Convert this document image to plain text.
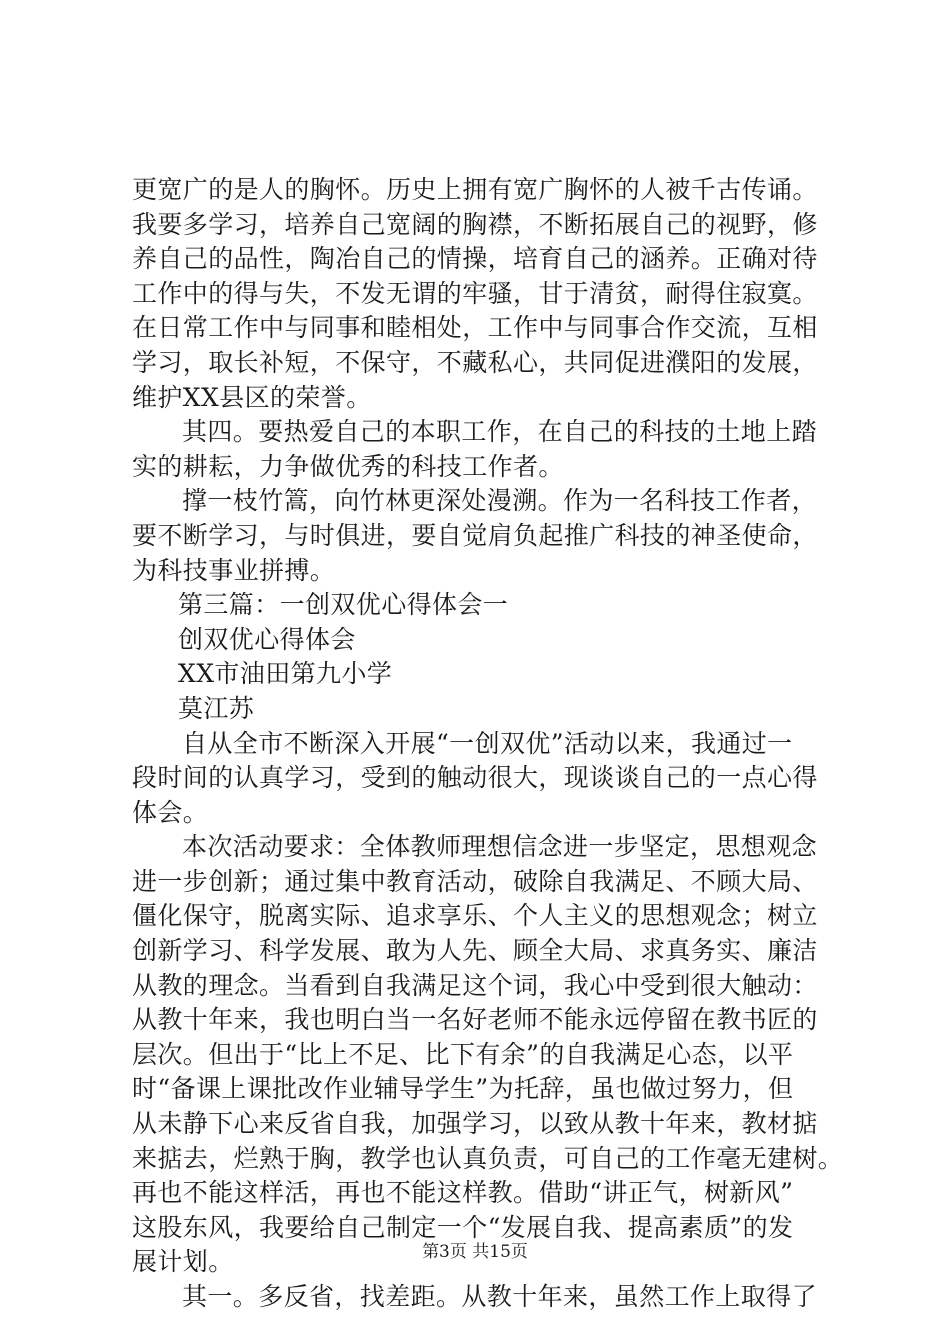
更宽广的是人的胸怀。历史上拥有宽广胸怀的人被千古传诵。
我要多学习，培养自己宽阔的胸襟，不断拓展自己的视野，修
养自己的品性，陶冶自己的情操，培育自己的涵养。正确对待
工作中的得与失，不发无谓的牢骚，甘于清贫，耐得住寂寞。
在日常工作中与同事和睦相处，工作中与同事合作交流，互相
学习，取长补短，不保守，不藏私心，共同促进濮阳的发展，
维护XX县区的荣誉。
其四。要热爱自己的本职工作，在自己的科技的土地上踏
实的耕耘，力争做优秀的科技工作者。
撑一枝竹篙，向竹林更深处漫溯。作为一名科技工作者，
要不断学习，与时俱进，要自觉肩负起推广科技的神圣使命，
为科技事业拼搏。
第三篇：一创双优心得体会一
创双优心得体会
XX市油田第九小学
莫江苏
自从全市不断深入开展“一创双优”活动以来，我通过一
段时间的认真学习，受到的触动很大，现谈谈自己的一点心得
体会。
本次活动要求：全体教师理想信念进一步坚定，思想观念
进一步创新；通过集中教育活动，破除自我满足、不顾大局、
僵化保守，脱离实际、追求享乐、个人主义的思想观念；树立
创新学习、科学发展、敢为人先、顾全大局、求真务实、廉洁
从教的理念。当看到自我满足这个词，我心中受到很大触动：
从教十年来，我也明白当一名好老师不能永远停留在教书匠的
层次。但出于“比上不足、比下有余”的自我满足心态，以平
时“备课上课批改作业辅导学生”为托辞，虽也做过努力，但
从未静下心来反省自我，加强学习，以致从教十年来，教材掂
来掂去，烂熟于胸，教学也认真负责，可自己的工作毫无建树。
再也不能这样活，再也不能这样教。借助“讲正气，树新风”
这股东风，我要给自己制定一个“发展自我、提高素质”的发
展计划。
其一。多反省，找差距。从教十年来，虽然工作上取得了
第3页 共15页
